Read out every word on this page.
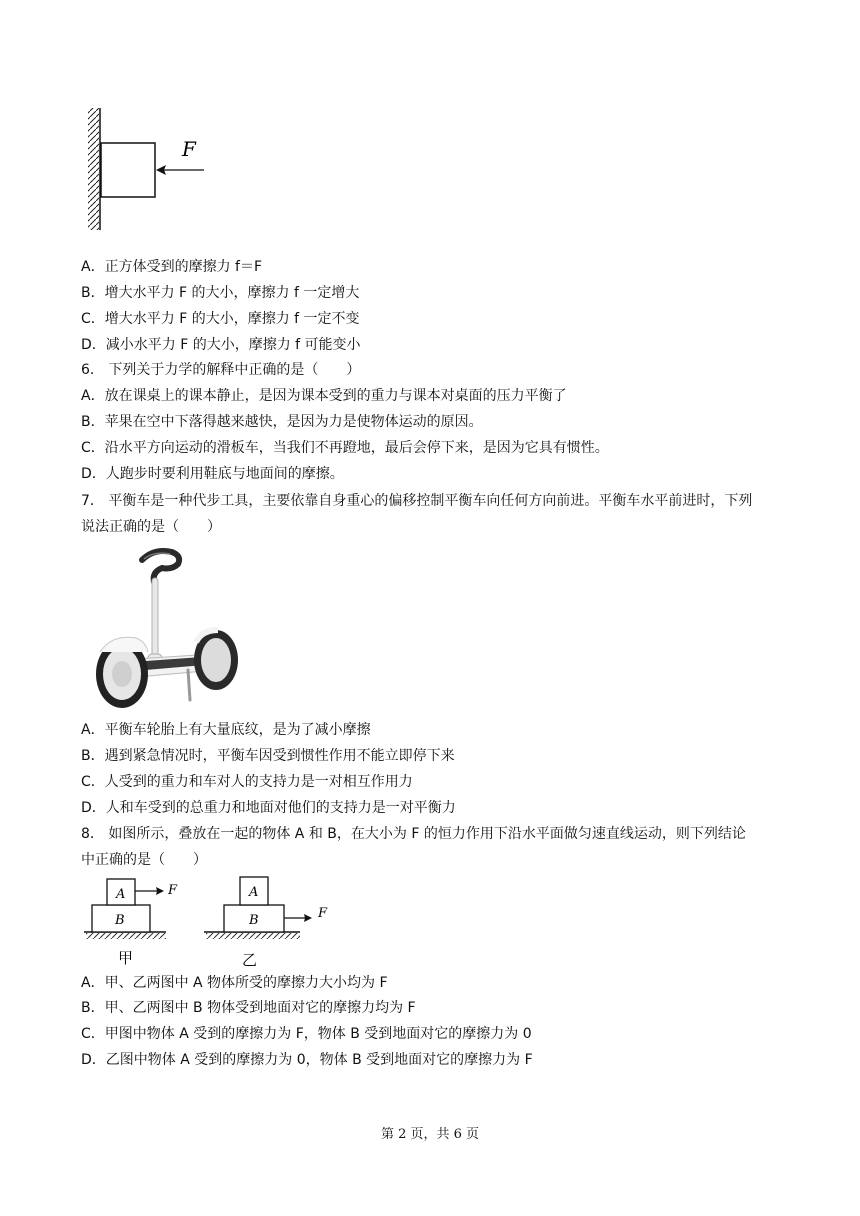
F
A．正方体受到的摩擦力 f＝F
B．增大水平力 F 的大小，摩擦力 f 一定增大
C．增大水平力 F 的大小，摩擦力 f 一定不变
D．减小水平力 F 的大小，摩擦力 f 可能变小
6． 下列关于力学的解释中正确的是（　　）
A．放在课桌上的课本静止，是因为课本受到的重力与课本对桌面的压力平衡了
B．苹果在空中下落得越来越快，是因为力是使物体运动的原因。
C．沿水平方向运动的滑板车，当我们不再蹬地，最后会停下来，是因为它具有惯性。
D．人跑步时要利用鞋底与地面间的摩擦。
7． 平衡车是一种代步工具，主要依靠自身重心的偏移控制平衡车向任何方向前进。平衡车水平前进时，下列
说法正确的是（　　）
A．平衡车轮胎上有大量底纹，是为了减小摩擦
B．遇到紧急情况时，平衡车因受到惯性作用不能立即停下来
C．人受到的重力和车对人的支持力是一对相互作用力
D．人和车受到的总重力和地面对他们的支持力是一对平衡力
8． 如图所示，叠放在一起的物体 A 和 B，在大小为 F 的恒力作用下沿水平面做匀速直线运动，则下列结论
中正确的是（　　）
A
B
F
甲
A
B	F
乙
A．甲、乙两图中 A 物体所受的摩擦力大小均为 F
B．甲、乙两图中 B 物体受到地面对它的摩擦力均为 F
C．甲图中物体 A 受到的摩擦力为 F，物体 B 受到地面对它的摩擦力为 0
D．乙图中物体 A 受到的摩擦力为 0，物体 B 受到地面对它的摩擦力为 F
第 2 页，共 6 页
